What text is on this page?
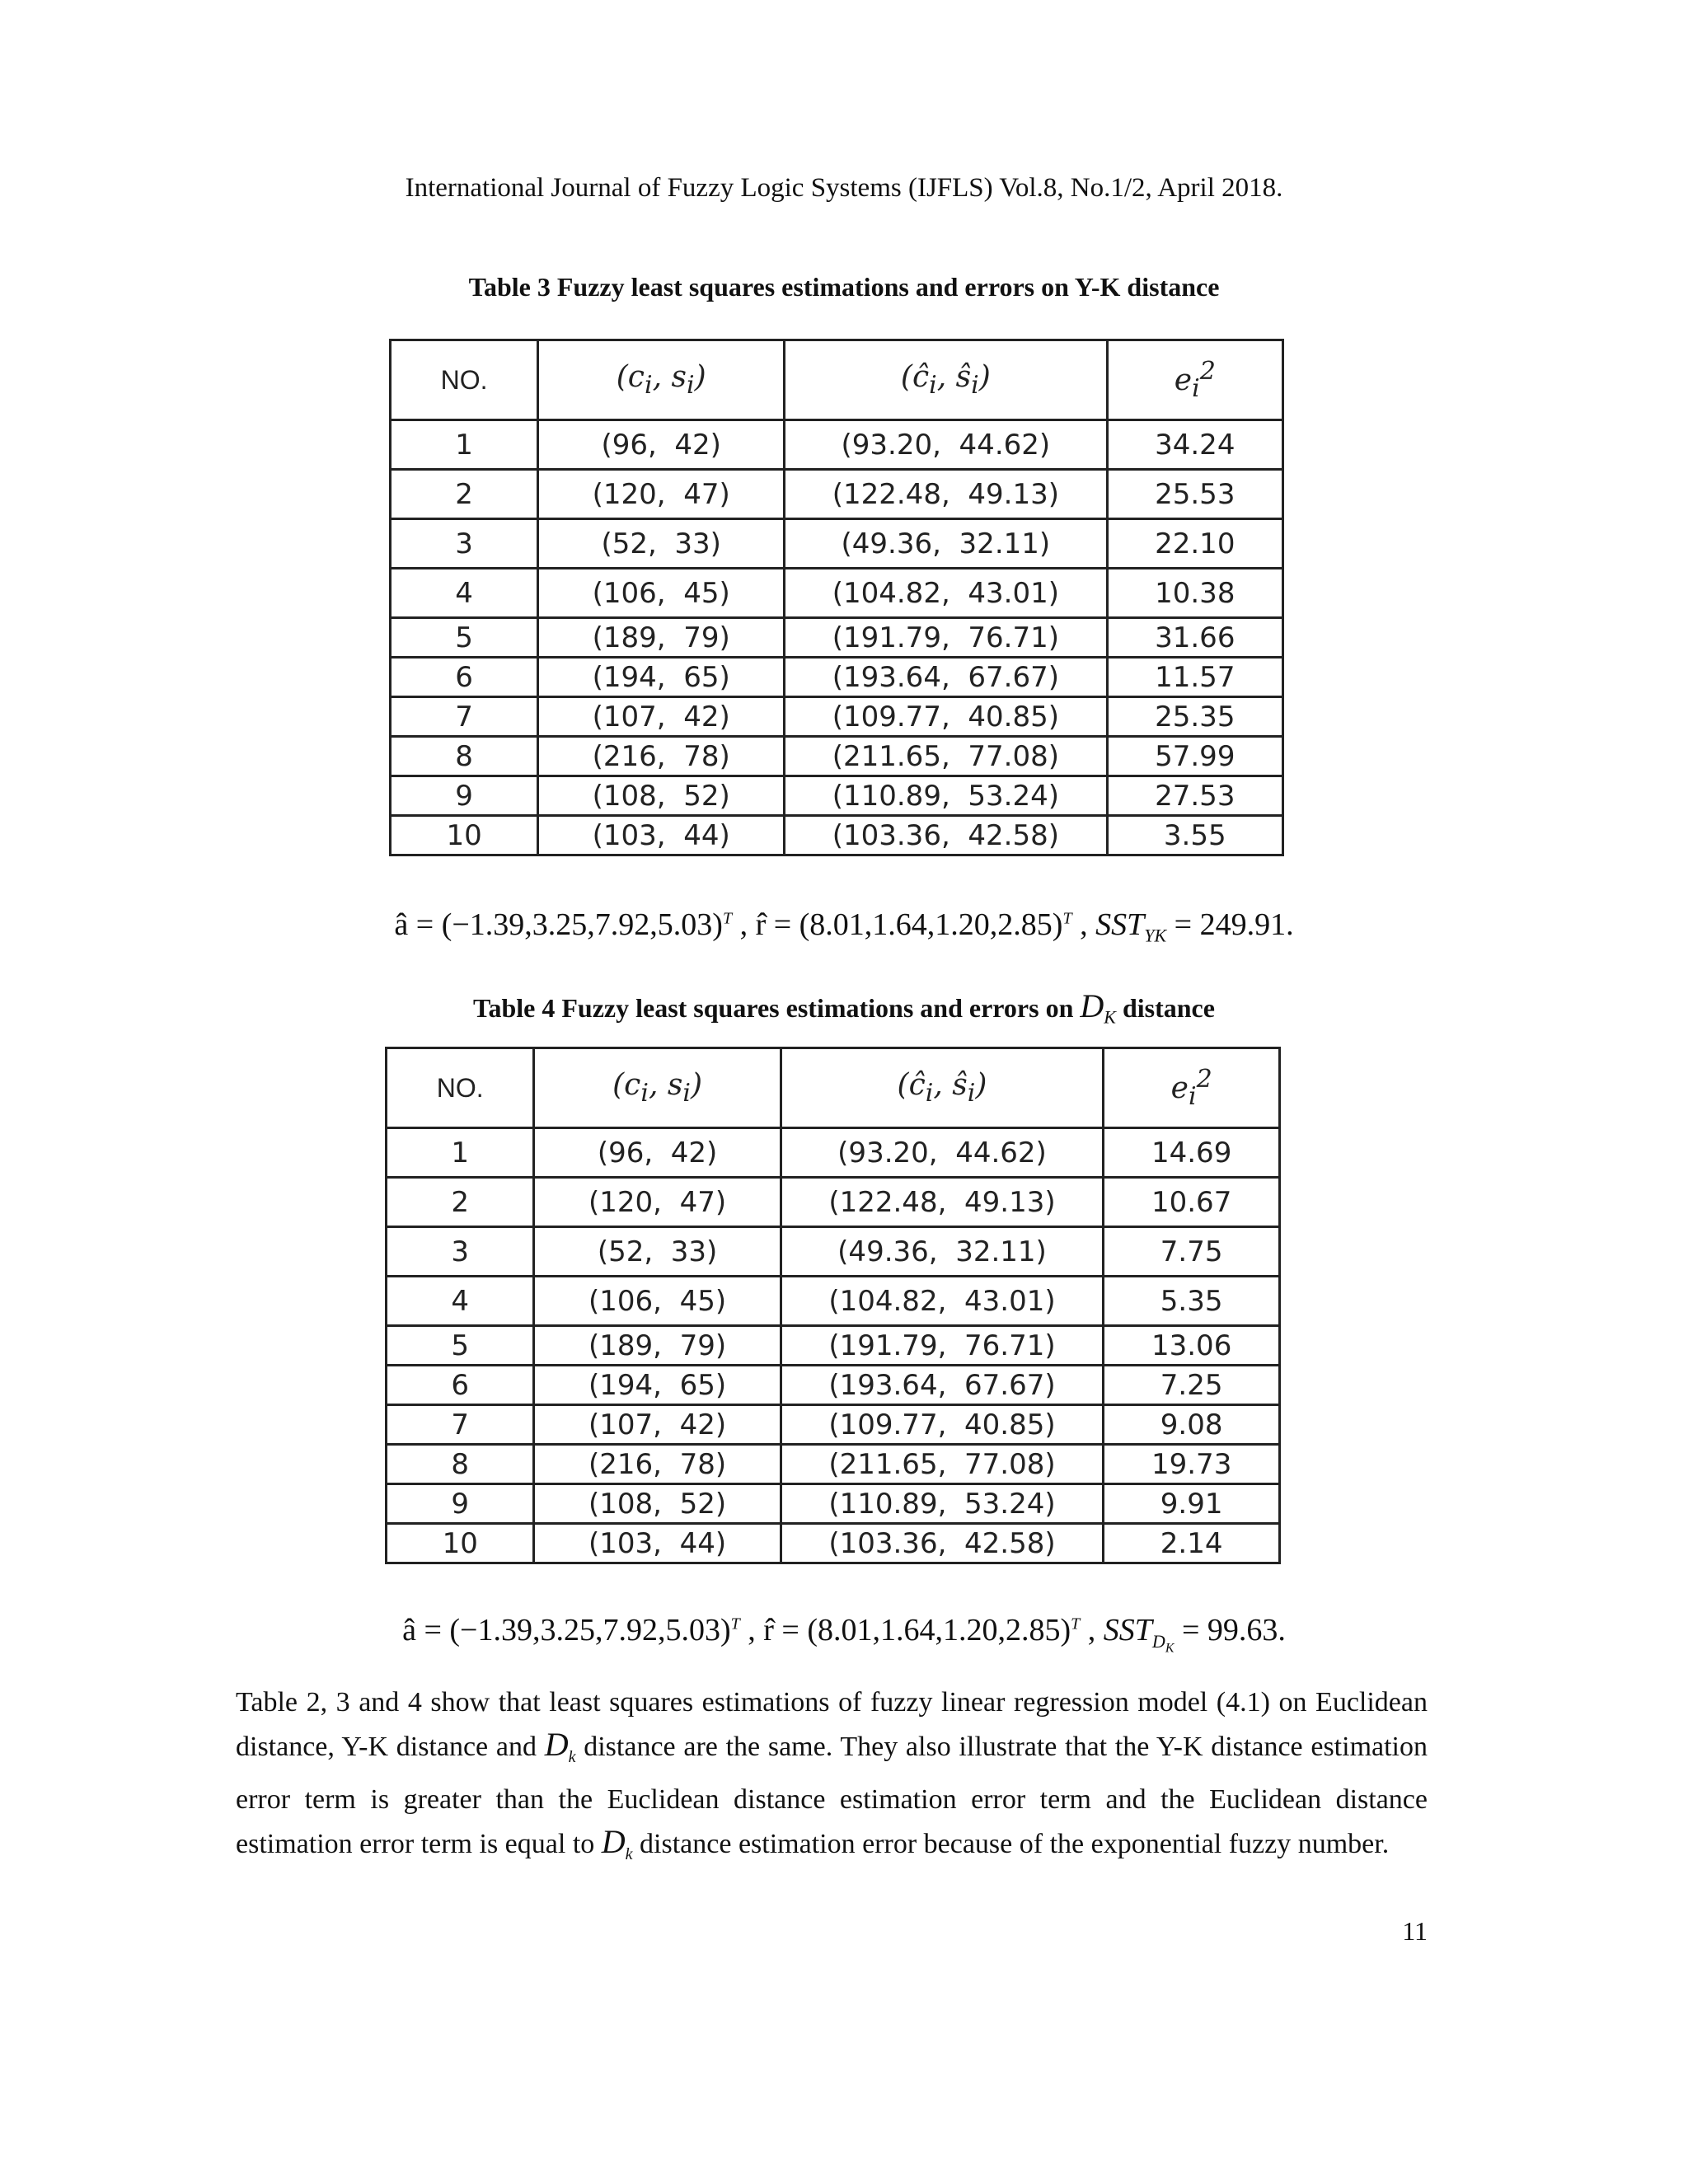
International Journal of Fuzzy Logic Systems (IJFLS) Vol.8, No.1/2, April 2018.
Table 3 Fuzzy least squares estimations and errors on Y-K distance
NO.	($c_i$, $s_i$)	($ĉ_i$, $ŝ_i$)	$e_i^2$
1	(96,  42)	(93.20,  44.62)	34.24
2	(120,  47)	(122.48,  49.13)	25.53
3	(52,  33)	(49.36,  32.11)	22.10
4	(106,  45)	(104.82,  43.01)	10.38
5	(189,  79)	(191.79,  76.71)	31.66
6	(194,  65)	(193.64,  67.67)	11.57
7	(107,  42)	(109.77,  40.85)	25.35
8	(216,  78)	(211.65,  77.08)	57.99
9	(108,  52)	(110.89,  53.24)	27.53
10	(103,  44)	(103.36,  42.58)	3.55
â = $(-1.39,3.25,7.92,5.03)^T$ , r̂ = $(8.01,1.64,1.20,2.85)^T$ , $SST_{YK} = 249.91$.
Table 4 Fuzzy least squares estimations and errors on $D_K$ distance
NO.	($c_i$, $s_i$)	($ĉ_i$, $ŝ_i$)	$e_i^2$
1	(96,  42)	(93.20,  44.62)	14.69
2	(120,  47)	(122.48,  49.13)	10.67
3	(52,  33)	(49.36,  32.11)	7.75
4	(106,  45)	(104.82,  43.01)	5.35
5	(189,  79)	(191.79,  76.71)	13.06
6	(194,  65)	(193.64,  67.67)	7.25
7	(107,  42)	(109.77,  40.85)	9.08
8	(216,  78)	(211.65,  77.08)	19.73
9	(108,  52)	(110.89,  53.24)	9.91
10	(103,  44)	(103.36,  42.58)	2.14
â = $(-1.39,3.25,7.92,5.03)^T$ , r̂ = $(8.01,1.64,1.20,2.85)^T$ , $SST_{D_K} = 99.63$.
Table 2, 3 and 4 show that least squares estimations of fuzzy linear regression model (4.1) on Euclidean distance, Y-K distance and $D_k$ distance are the same. They also illustrate that the Y-K distance estimation error term is greater than the Euclidean distance estimation error term and the Euclidean distance estimation error term is equal to $D_k$ distance estimation error because of the exponential fuzzy number.
11
